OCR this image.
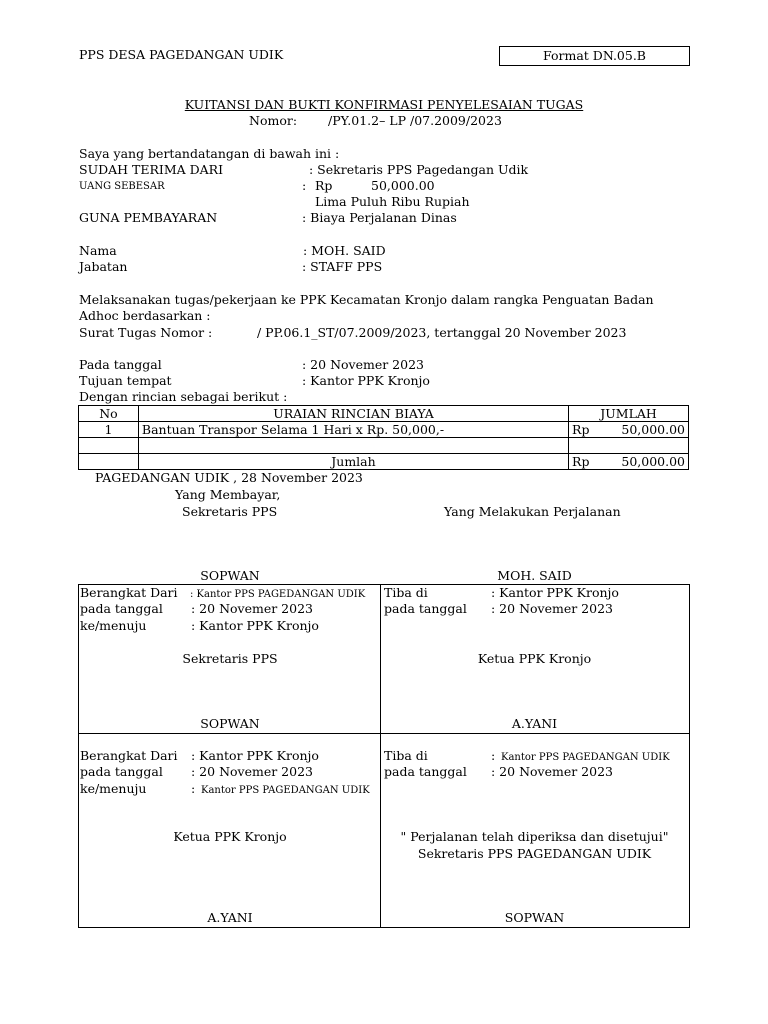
PPS DESA PAGEDANGAN UDIK	Format DN.05.B
KUITANSI DAN BUKTI KONFIRMASI PENYELESAIAN TUGAS
Nomor: /PY.01.2– LP /07.2009/2023
Saya yang bertandatangan di bawah ini :
SUDAH TERIMA DARI	: Sekretaris PPS Pagedangan Udik
UANG SEBESAR	: Rp	50,000.00
Lima Puluh Ribu Rupiah
GUNA PEMBAYARAN	: Biaya Perjalanan Dinas
Nama	: MOH. SAID
Jabatan	: STAFF PPS
Melaksanakan tugas/pekerjaan ke PPK Kecamatan Kronjo dalam rangka Penguatan Badan
Adhoc berdasarkan :
Surat Tugas Nomor :	/ PP.06.1_ST/07.2009/2023, tertanggal 20 November 2023
Pada tanggal	: 20 Novemer 2023
Tujuan tempat	: Kantor PPK Kronjo
Dengan rincian sebagai berikut :
No	URAIAN RINCIAN BIAYA	JUMLAH	
1	Bantuan Transpor Selama 1 Hari x Rp. 50,000,-	Rp	50,000.00

	Jumlah	Rp	50,000.00
PAGEDANGAN UDIK , 28 November 2023
Yang Membayar,
Sekretaris PPS	Yang Melakukan Perjalanan
SOPWAN	MOH. SAID
Berangkat Dari : Kantor PPS PAGEDANGAN UDIK
pada tanggal : 20 Novemer 2023
ke/menuju	: Kantor PPK Kronjo
Sekretaris PPS
SOPWAN
Tiba di	: Kantor PPK Kronjo
pada tanggal : 20 Novemer 2023
Ketua PPK Kronjo
A.YANI
Berangkat Dari : Kantor PPK Kronjo
pada tanggal : 20 Novemer 2023
ke/menuju	: Kantor PPS PAGEDANGAN UDIK
Ketua PPK Kronjo
A.YANI
Tiba di	: Kantor PPS PAGEDANGAN UDIK
pada tanggal : 20 Novemer 2023
" Perjalanan telah diperiksa dan disetujui"
Sekretaris PPS PAGEDANGAN UDIK
SOPWAN
